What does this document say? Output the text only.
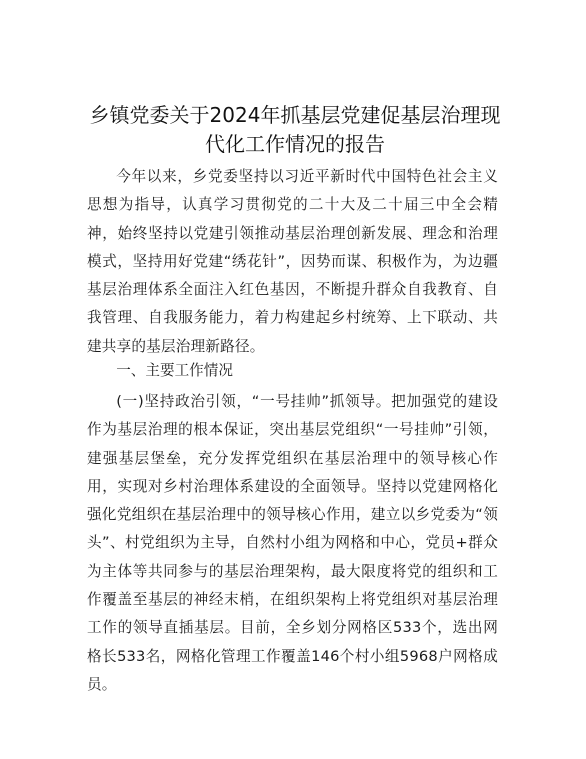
乡镇党委关于2024年抓基层党建促基层治理现代化工作情况的报告

今年以来，乡党委坚持以习近平新时代中国特色社会主义思想为指导，认真学习贯彻党的二十大及二十届三中全会精神，始终坚持以党建引领推动基层治理创新发展、理念和治理模式，坚持用好党建“绣花针”，因势而谋、积极作为，为边疆基层治理体系全面注入红色基因，不断提升群众自我教育、自我管理、自我服务能力，着力构建起乡村统筹、上下联动、共建共享的基层治理新路径。

一、主要工作情况

(一)坚持政治引领，“一号挂帅”抓领导。把加强党的建设作为基层治理的根本保证，突出基层党组织“一号挂帅”引领，建强基层堡垒，充分发挥党组织在基层治理中的领导核心作用，实现对乡村治理体系建设的全面领导。坚持以党建网格化强化党组织在基层治理中的领导核心作用，建立以乡党委为“领头”、村党组织为主导，自然村小组为网格和中心，党员+群众为主体等共同参与的基层治理架构，最大限度将党的组织和工作覆盖至基层的神经末梢，在组织架构上将党组织对基层治理工作的领导直插基层。目前，全乡划分网格区533个，选出网格长533名，网格化管理工作覆盖146个村小组5968户网格成员。
